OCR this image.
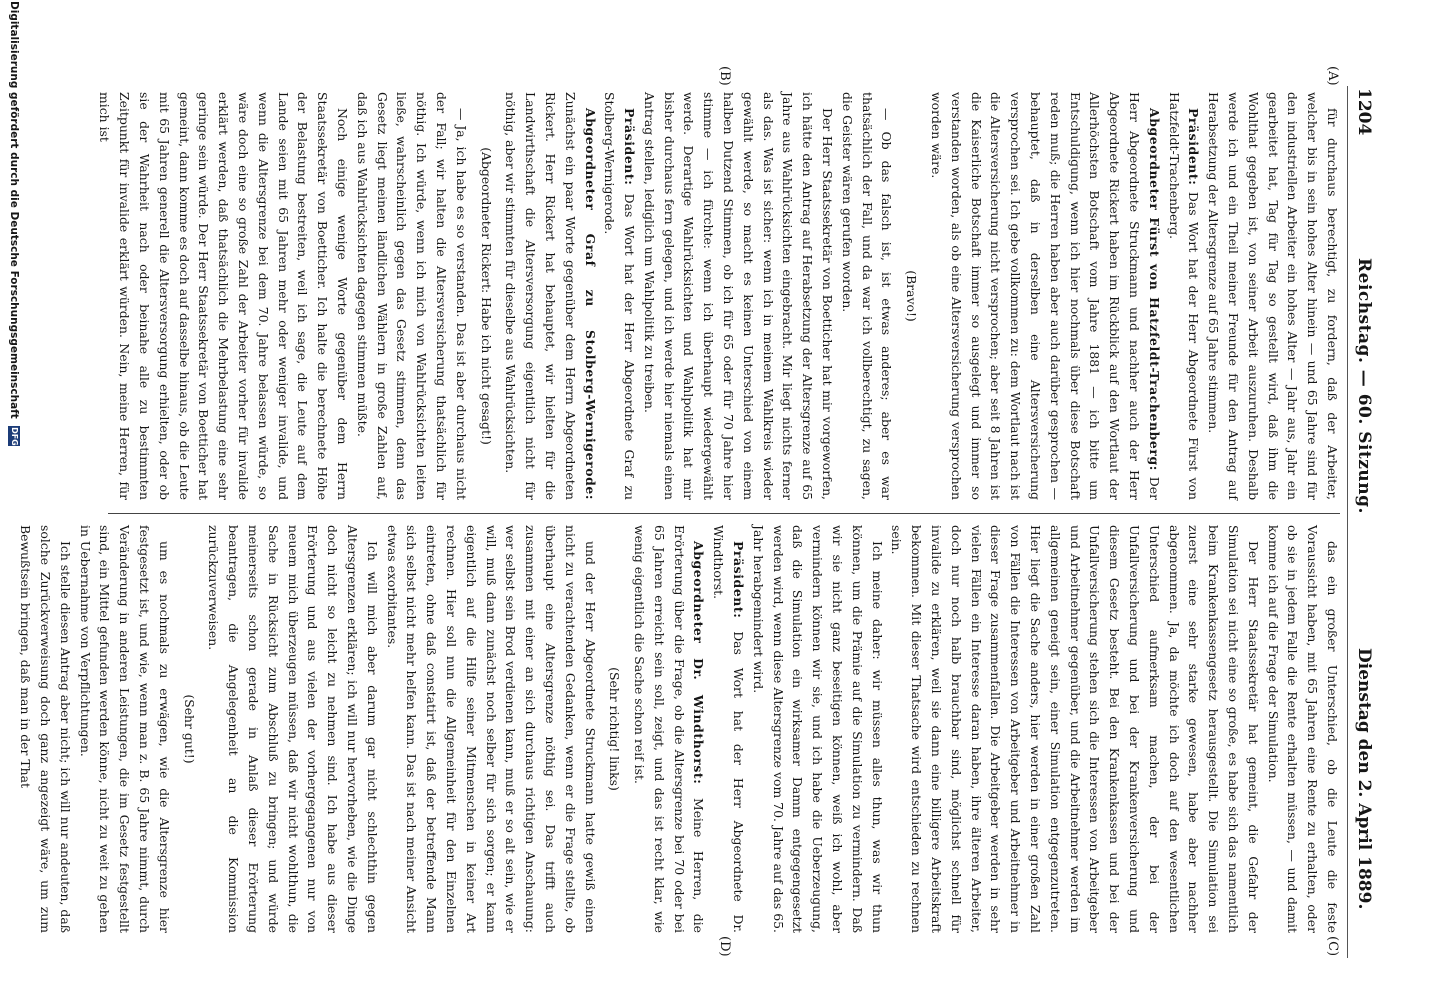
1204
Reichstag. — 60. Sitzung.
Dienstag den 2. April 1889.
(A)
(B)
(C)
(D)

für durchaus berechtigt, zu fordern, daß der Arbeiter, welcher bis in sein hohes Alter hinein — und 65 Jahre sind für den industriellen Arbeiter ein hohes Alter — Jahr aus, Jahr ein gearbeitet hat, Tag für Tag so gestellt wird, daß ihm die Wohlthat gegeben ist, von seiner Arbeit auszuruhen. Deshalb werde ich und ein Theil meiner Freunde für den Antrag auf Herabsetzung der Altersgrenze auf 65 Jahre stimmen.

Präsident: Das Wort hat der Herr Abgeordnete Fürst von Hatzfeldt-Trachenberg.

Abgeordneter Fürst von Hatzfeldt-Trachenberg: Der Herr Abgeordnete Struckmann und nachher auch der Herr Abgeordnete Rickert haben im Rückblick auf den Wortlaut der Allerhöchsten Botschaft vom Jahre 1881 — ich bitte um Entschuldigung, wenn ich hier nochmals über diese Botschaft reden muß; die Herren haben aber auch darüber gesprochen — behauptet, daß in derselben eine Altersversicherung versprochen sei. Ich gebe vollkommen zu: dem Wortlaut nach ist die Altersversicherung nicht versprochen; aber seit 8 Jahren ist die Kaiserliche Botschaft immer so ausgelegt und immer so verstanden worden, als ob eine Altersversicherung versprochen worden wäre.

(Bravo!)

— Ob das falsch ist, ist etwas anderes; aber es war thatsächlich der Fall, und da war ich vollberechtigt, zu sagen, die Geister wären gerufen worden.

Der Herr Staatssekretär von Boetticher hat mir vorgeworfen, ich hätte den Antrag auf Herabsetzung der Altersgrenze auf 65 Jahre aus Wahlrücksichten eingebracht. Mir liegt nichts ferner als das. Was ist sicher: wenn ich in meinem Wahlkreis wieder gewählt werde, so macht es keinen Unterschied von einem halben Dutzend Stimmen, ob ich für 65 oder für 70 Jahre hier stimme — ich fürchte: wenn ich überhaupt wiedergewählt werde. Derartige Wahlrücksichten und Wahlpolitik hat mir bisher durchaus fern gelegen, und ich werde hier niemals einen Antrag stellen, lediglich um Wahlpolitik zu treiben.

Präsident: Das Wort hat der Herr Abgeordnete Graf zu Stolberg-Wernigerode.

Abgeordneter Graf zu Stolberg-Wernigerode: Zunächst ein paar Worte gegenüber dem Herrn Abgeordneten Rickert. Herr Rickert hat behauptet, wir hielten für die Landwirthschaft die Altersversorgung eigentlich nicht für nöthig, aber wir stimmten für dieselbe aus Wahlrücksichten.

(Abgeordneter Rickert: Habe ich nicht gesagt!)

— Ja, ich habe es so verstanden. Das ist aber durchaus nicht der Fall; wir halten die Altersversicherung thatsächlich für nöthig. Ich würde, wenn ich mich von Wahlrücksichten leiten ließe, wahrscheinlich gegen das Gesetz stimmen, denn das Gesetz liegt meinen ländlichen Wählern in große Zahlen auf, daß ich aus Wahlrücksichten dagegen stimmen müßte.

Noch einige wenige Worte gegenüber dem Herrn Staatssekretär von Boetticher. Ich halte die berechnete Höhe der Belastung bestreiten, weil ich sage, die Leute auf dem Lande seien mit 65 Jahren mehr oder weniger invalide, und wenn die Altersgrenze bei dem 70. Jahre belassen würde, so wäre doch eine so große Zahl der Arbeiter vorher für invalide erklärt werden, daß thatsächlich die Mehrbelastung eine sehr geringe sein würde. Der Herr Staatssekretär von Boetticher hat gemeint, dann komme es doch auf dasselbe hinaus, ob die Leute mit 65 Jahren generell die Altersversorgung erhielten, oder ob sie der Wahrheit nach oder beinahe alle zu bestimmten Zeitpunkt für invalide erklärt würden. Nein, meine Herren, für mich ist

das ein großer Unterschied, ob die Leute die feste Voraussicht haben, mit 65 Jahren eine Rente zu erhalten, oder ob sie in jedem Falle die Rente erhalten müssen, — und damit komme ich auf die Frage der Simulation.

Der Herr Staatssekretär hat gemeint, die Gefahr der Simulation sei nicht eine so große, es habe sich das namentlich beim Krankenkassengesetz herausgestellt. Die Simulation sei zuerst eine sehr starke gewesen, habe aber nachher abgenommen. Ja, da möchte ich doch auf den wesentlichen Unterschied aufmerksam machen, der bei der Unfallversicherung und bei der Krankenversicherung und diesem Gesetz besteht. Bei den Krankenkassen und bei der Unfallversicherung stehen sich die Interessen von Arbeitgeber und Arbeitnehmer gegenüber, und die Arbeitnehmer werden im allgemeinen geneigt sein, einer Simulation entgegenzutreten. Hier liegt die Sache anders, hier werden in einer großen Zahl von Fällen die Interessen von Arbeitgeber und Arbeitnehmer in dieser Frage zusammenfallen. Die Arbeitgeber werden in sehr vielen Fällen ein Interesse daran haben, ihre älteren Arbeiter, doch nur noch halb brauchbar sind, möglichst schnell für invalide zu erklären, weil sie dann eine billigere Arbeitskraft bekommen. Mit dieser Thatsache wird entschieden zu rechnen sein.

Ich meine daher: wir müssen alles thun, was wir thun können, um die Prämie auf die Simulation zu vermindern. Daß wir sie nicht ganz beseitigen können, weiß ich wohl, aber vermindern können wir sie, und ich habe die Ueberzeugung, daß die Simulation ein wirksamer Damm entgegengesetzt werden wird, wenn diese Altersgrenze vom 70. Jahre auf das 65. Jahr herabgemindert wird.

Präsident: Das Wort hat der Herr Abgeordnete Dr. Windthorst.

Abgeordneter Dr. Windthorst: Meine Herren, die Erörterung über die Frage, ob die Altersgrenze bei 70 oder bei 65 Jahren erreicht sein soll, zeigt, und das ist recht klar, wie wenig eigentlich die Sache schon reif ist.

(Sehr richtig! links)

und der Herr Abgeordnete Struckmann hatte gewiß einen nicht zu verachtenden Gedanken, wenn er die Frage stellte, ob überhaupt eine Altersgrenze nöthig sei. Das trifft auch zusammen mit einer an sich durchaus richtigen Anschauung: wer selbst sein Brod verdienen kann, muß er so alt sein, wie er will, muß dann zunächst noch selber für sich sorgen; er kann eigentlich auf die Hilfe seiner Mitmenschen in keiner Art rechnen. Hier soll nun die Allgemeinheit für den Einzelnen eintreten, ohne daß constatirt ist, daß der betreffende Mann sich selbst nicht mehr helfen kann. Das ist nach meiner Ansicht etwas exorbitantes.

Ich will mich aber darum gar nicht schlechthin gegen Altersgrenzen erklären; ich will nur hervorheben, wie die Dinge doch nicht so leicht zu nehmen sind. Ich habe aus dieser Erörterung und aus vielen der vorhergegangenen nur von neuem mich überzeugen müssen, daß wir nicht wohlthun, die Sache in Rücksicht zum Abschluß zu bringen; und würde meinerseits schon gerade in Anlaß dieser Erörterung beantragen, die Angelegenheit an die Kommission zurückzuverweisen.

(Sehr gut!)

um es nochmals zu erwägen, wie die Altersgrenze hier festgesetzt ist, und wie, wenn man z. B. 65 Jahre nimmt, durch Veränderung in anderen Leistungen, die im Gesetz festgestellt sind, ein Mittel gefunden werden könne, nicht zu weit zu gehen in Uebernahme von Verpflichtungen.

Ich stelle diesen Antrag aber nicht; ich will nur andeuten, daß solche Zurückverweisung doch ganz angezeigt wäre, um zum Bewußtsein bringen, daß man in der That

Digitalisierung gefördert durch die Deutsche Forschungsgemeinschaft DFG
